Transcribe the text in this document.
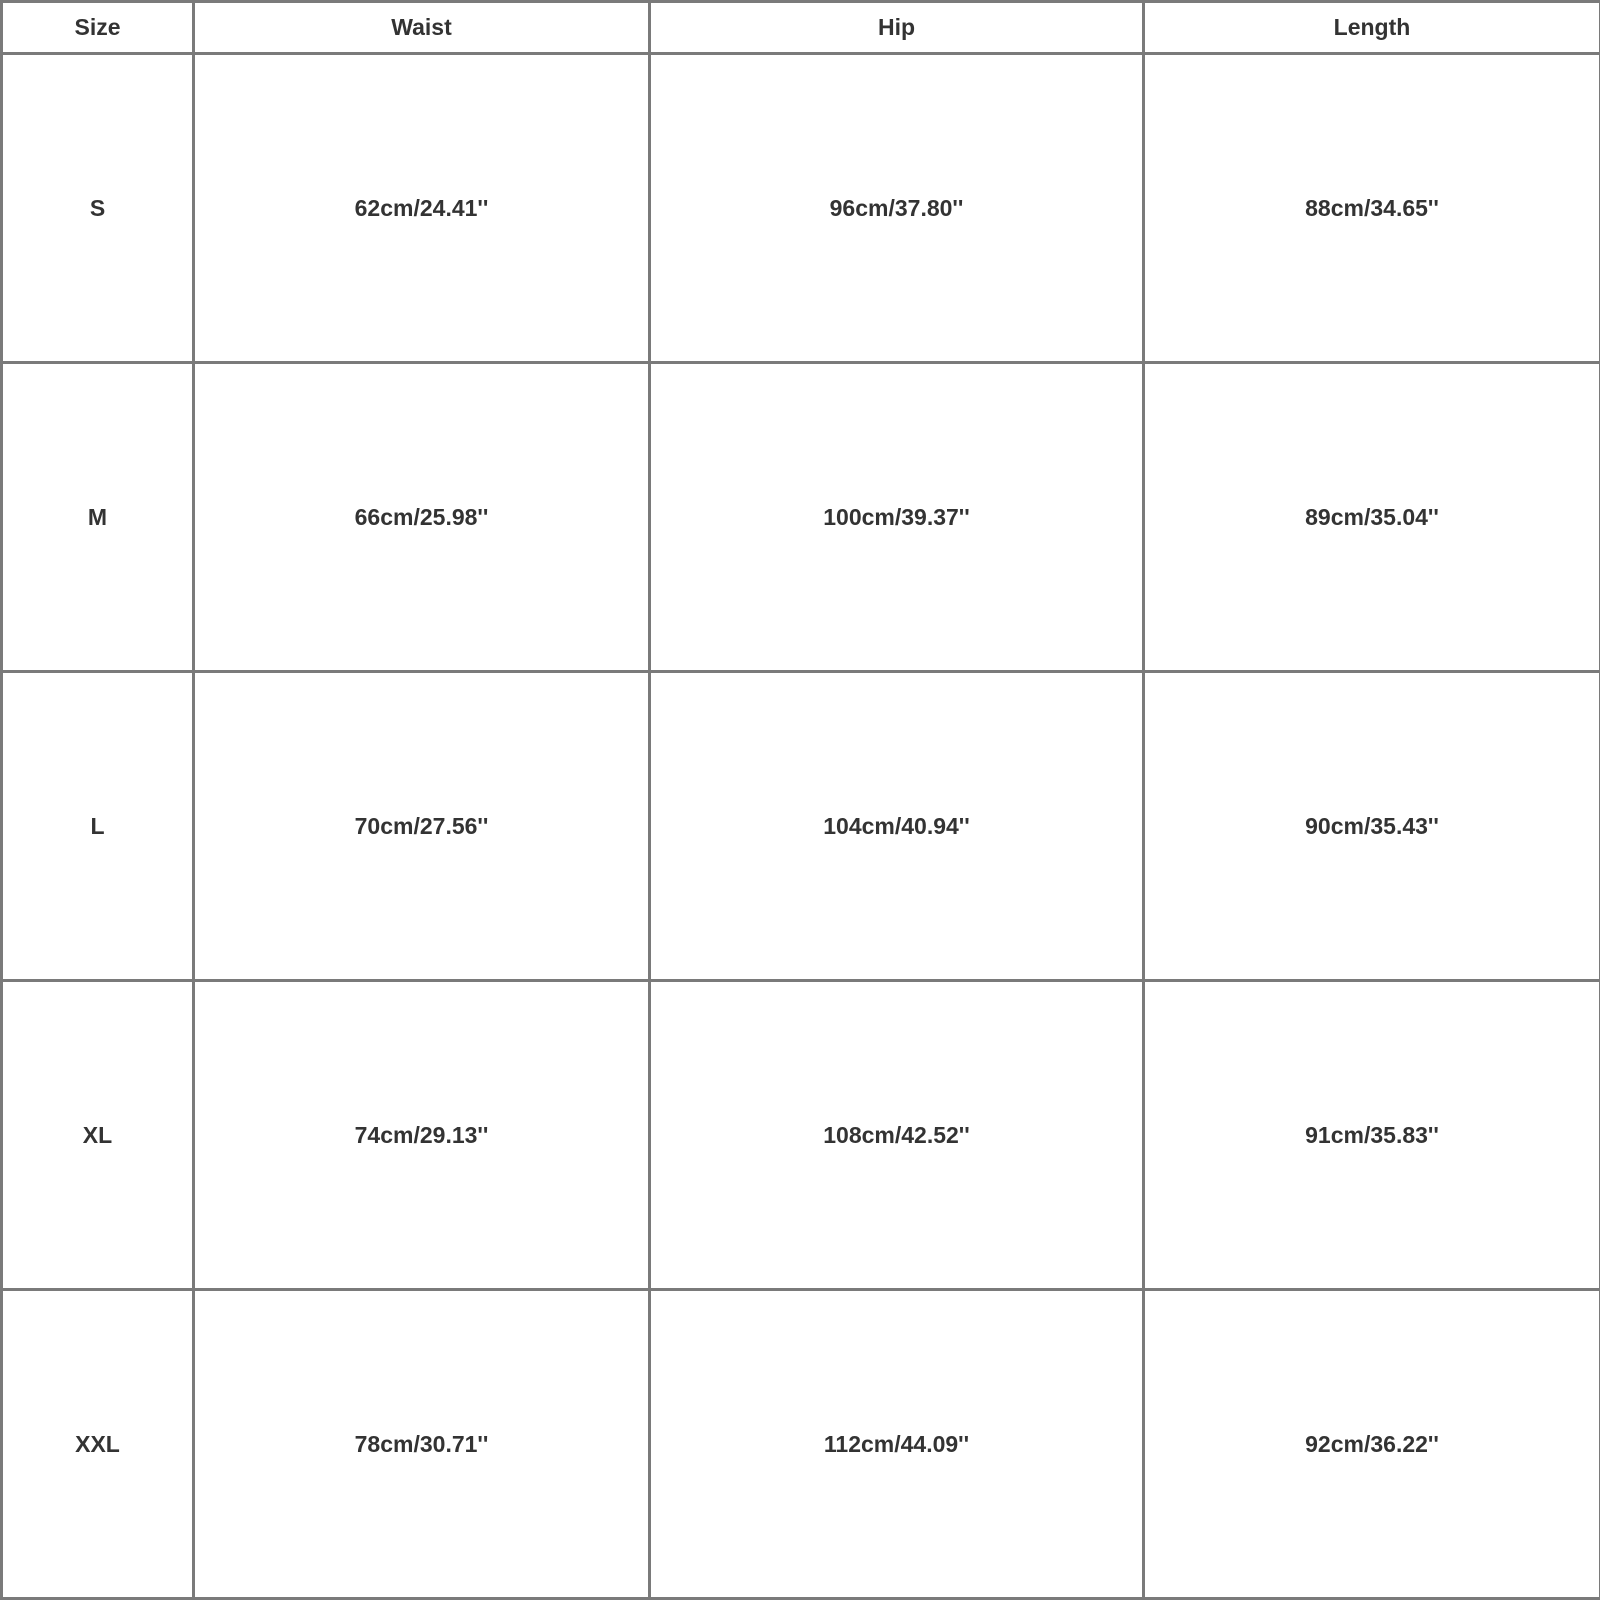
Size	Waist	Hip	Length
S	62cm/24.41''	96cm/37.80''	88cm/34.65''
M	66cm/25.98''	100cm/39.37''	89cm/35.04''
L	70cm/27.56''	104cm/40.94''	90cm/35.43''
XL	74cm/29.13''	108cm/42.52''	91cm/35.83''
XXL	78cm/30.71''	112cm/44.09''	92cm/36.22''
